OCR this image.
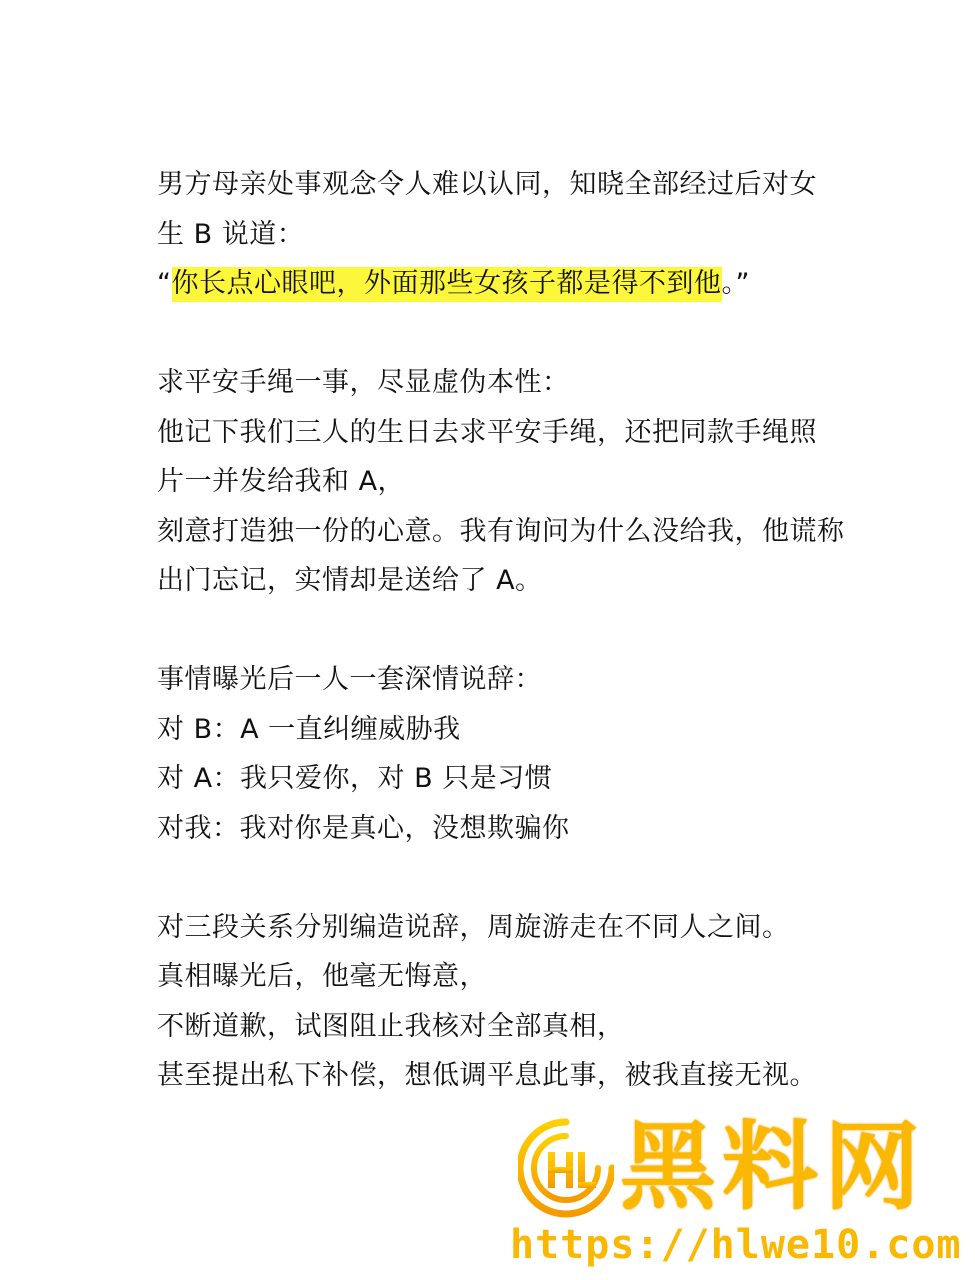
男方母亲处事观念令人难以认同，知晓全部经过后对女
生 B 说道：
“你长点心眼吧，外面那些女孩子都是得不到他。”
求平安手绳一事，尽显虚伪本性：
他记下我们三人的生日去求平安手绳，还把同款手绳照
片一并发给我和 A，
刻意打造独一份的心意。我有询问为什么没给我，他谎称
出门忘记，实情却是送给了 A。
事情曝光后一人一套深情说辞：
对 B：A 一直纠缠威胁我
对 A：我只爱你，对 B 只是习惯
对我：我对你是真心，没想欺骗你
对三段关系分别编造说辞，周旋游走在不同人之间。
真相曝光后，他毫无悔意，
不断道歉，试图阻止我核对全部真相，
甚至提出私下补偿，想低调平息此事，被我直接无视。
黑料网
https://hlwe10.com
